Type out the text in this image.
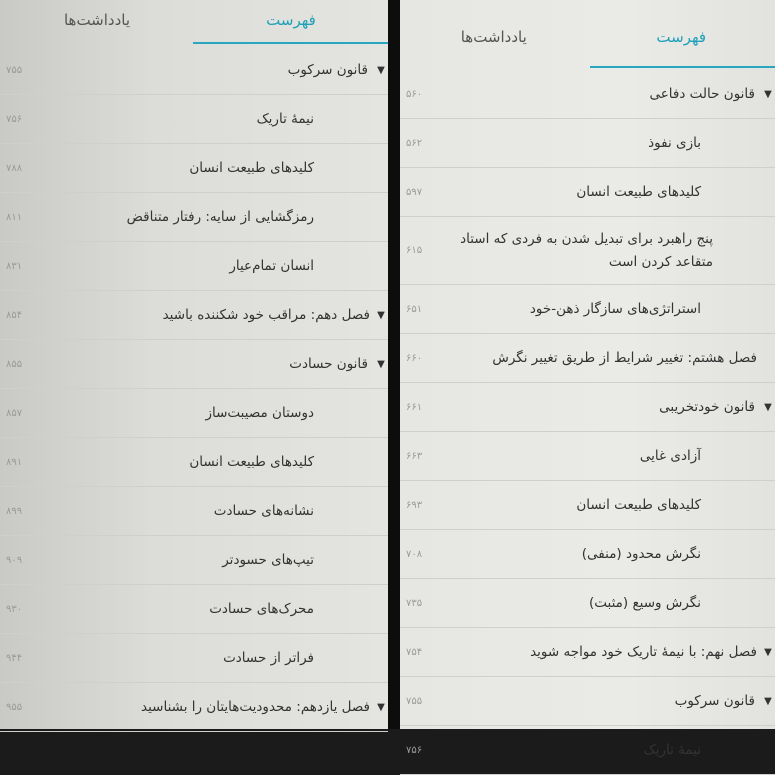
فهرست
یادداشت‌ها
▼
قانون سرکوب
۷۵۵
نیمهٔ تاریک
۷۵۶
کلیدهای طبیعت انسان
۷۸۸
رمزگشایی از سایه: رفتار متناقض
۸۱۱
انسان تمام‌عیار
۸۳۱
▼
فصل دهم: مراقب خود شکننده باشید
۸۵۴
▼
قانون حسادت
۸۵۵
دوستان مصیبت‌ساز
۸۵۷
کلیدهای طبیعت انسان
۸۹۱
نشانه‌های حسادت
۸۹۹
تیپ‌های حسودتر
۹۰۹
محرک‌های حسادت
۹۳۰
فراتر از حسادت
۹۴۴
▼
فصل یازدهم: محدودیت‌هایتان را بشناسید
۹۵۵
فهرست
یادداشت‌ها
▼
قانون حالت دفاعی
۵۶۰
بازی نفوذ
۵۶۲
کلیدهای طبیعت انسان
۵۹۷
پنج راهبرد برای تبدیل شدن به فردی که استاد متقاعد کردن است
۶۱۵
استراتژی‌های سازگار ذهن-خود
۶۵۱
فصل هشتم: تغییر شرایط از طریق تغییر نگرش
۶۶۰
▼
قانون خودتخریبی
۶۶۱
آزادی غایی
۶۶۳
کلیدهای طبیعت انسان
۶۹۳
نگرش محدود (منفی)
۷۰۸
نگرش وسیع (مثبت)
۷۳۵
▼
فصل نهم: با نیمهٔ تاریک خود مواجه شوید
۷۵۴
▼
قانون سرکوب
۷۵۵
نیمهٔ تاریک
۷۵۶
